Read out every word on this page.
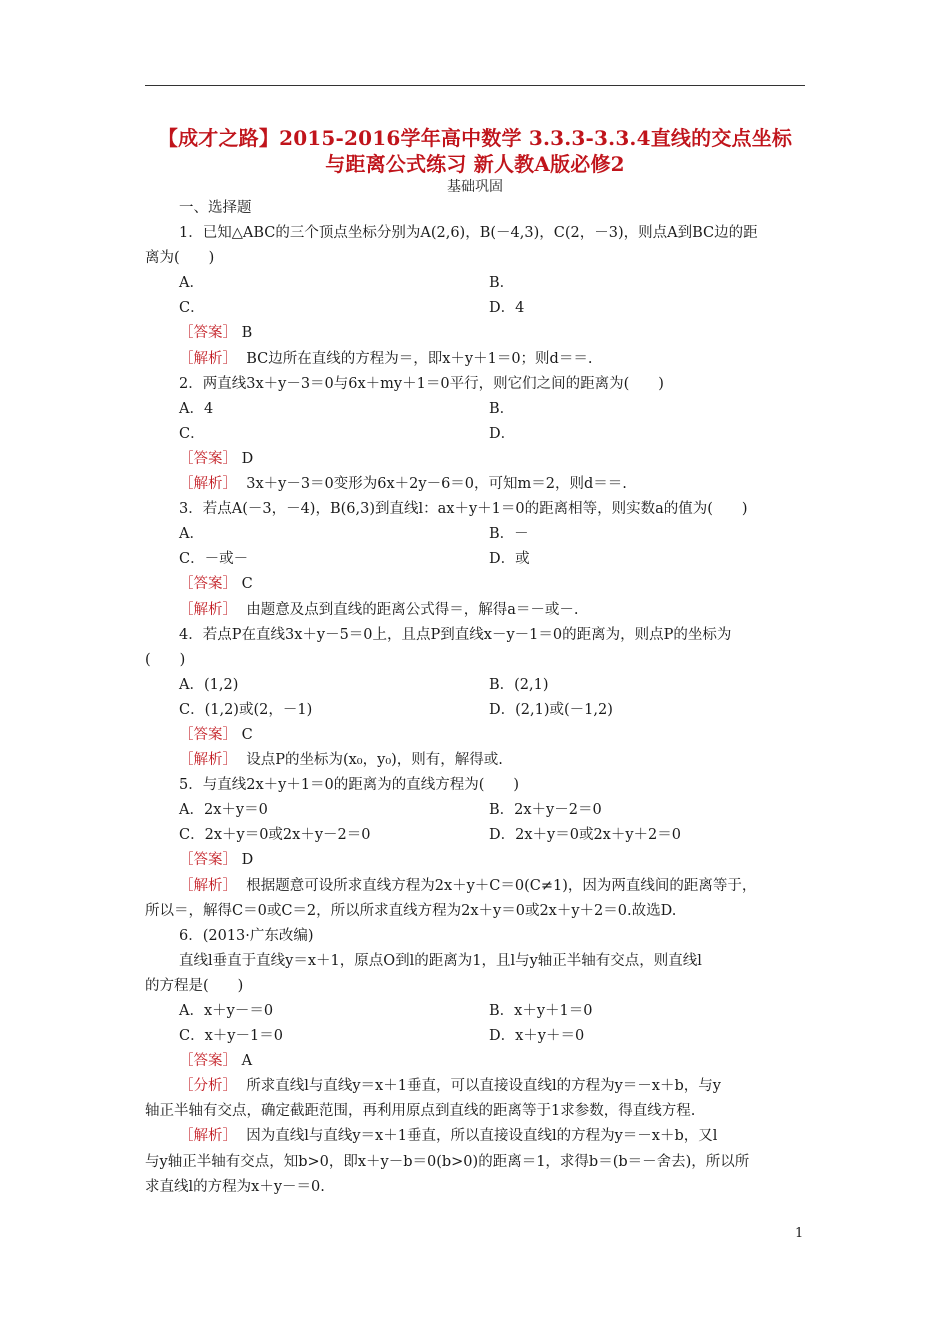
【成才之路】2015-2016学年高中数学 3.3.3-3.3.4直线的交点坐标
与距离公式练习 新人教A版必修2
基础巩固
一、选择题
1．已知△ABC的三个顶点坐标分别为A(2,6)，B(－4,3)，C(2，－3)，则点A到BC边的距
离为(　　)
A．	B．
C．	D．4
［答案］ B
［解析］ BC边所在直线的方程为＝，即x＋y＋1＝0；则d＝＝.
2．两直线3x＋y－3＝0与6x＋my＋1＝0平行，则它们之间的距离为(　　)
A．4	B．
C．	D．
［答案］ D
［解析］ 3x＋y－3＝0变形为6x＋2y－6＝0，可知m＝2，则d＝＝.
3．若点A(－3，－4)，B(6,3)到直线l：ax＋y＋1＝0的距离相等，则实数a的值为(　　)
A．	B．－
C．－或－	D．或
［答案］ C
［解析］ 由题意及点到直线的距离公式得＝，解得a＝－或－.
4．若点P在直线3x＋y－5＝0上，且点P到直线x－y－1＝0的距离为，则点P的坐标为
(　　)
A．(1,2)	B．(2,1)
C．(1,2)或(2，－1)	D．(2,1)或(－1,2)
［答案］ C
［解析］ 设点P的坐标为(x₀，y₀)，则有，解得或.
5．与直线2x＋y＋1＝0的距离为的直线方程为(　　)
A．2x＋y＝0	B．2x＋y－2＝0
C．2x＋y＝0或2x＋y－2＝0	D．2x＋y＝0或2x＋y＋2＝0
［答案］ D
［解析］ 根据题意可设所求直线方程为2x＋y＋C＝0(C≠1)，因为两直线间的距离等于，
所以＝，解得C＝0或C＝2，所以所求直线方程为2x＋y＝0或2x＋y＋2＝0.故选D.
6．(2013·广东改编)
直线l垂直于直线y＝x＋1，原点O到l的距离为1，且l与y轴正半轴有交点，则直线l
的方程是(　　)
A．x＋y－＝0	B．x＋y＋1＝0
C．x＋y－1＝0	D．x＋y＋＝0
［答案］ A
［分析］ 所求直线l与直线y＝x＋1垂直，可以直接设直线l的方程为y＝－x＋b，与y
轴正半轴有交点，确定截距范围，再利用原点到直线的距离等于1求参数，得直线方程.
［解析］ 因为直线l与直线y＝x＋1垂直，所以直接设直线l的方程为y＝－x＋b，又l
与y轴正半轴有交点，知b>0，即x＋y－b＝0(b>0)的距离＝1，求得b＝(b＝－舍去)，所以所
求直线l的方程为x＋y－＝0.
1
